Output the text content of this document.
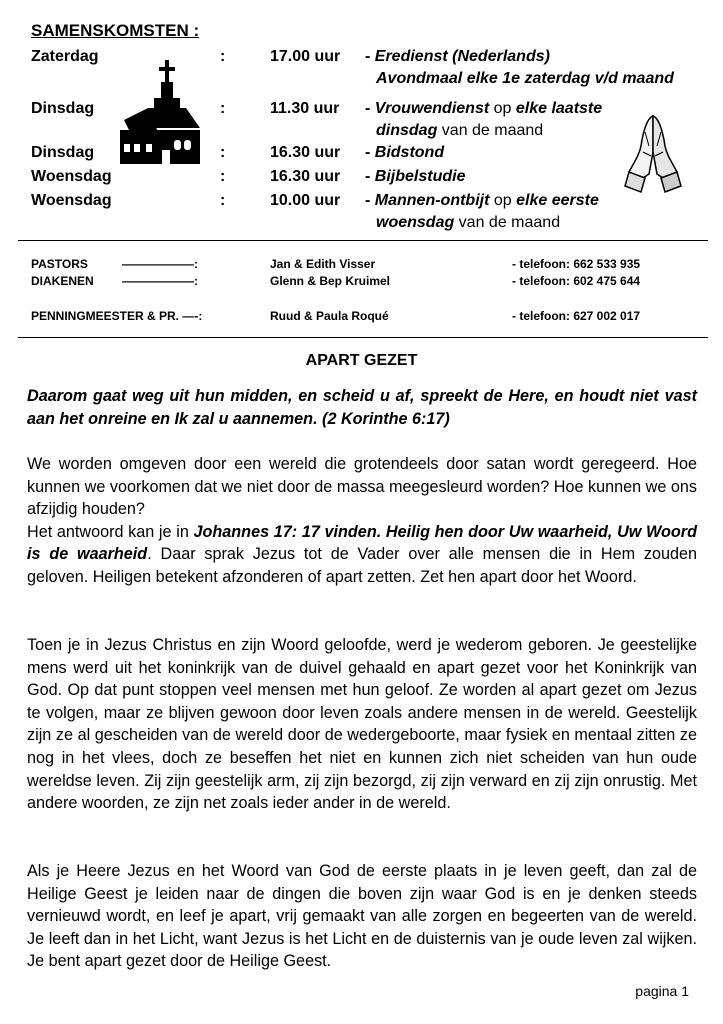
SAMENSKOMSTEN :
Zaterdag	:	17.00 uur - Eredienst (Nederlands)
Avondmaal elke 1e zaterdag v/d maand
Dinsdag	:	11.30 uur - Vrouwendienst op elke laatste
dinsdag van de maand
Dinsdag	:	16.30 uur - Bidstond
Woensdag	:	16.30 uur - Bijbelstudie
Woensdag	:	10.00 uur - Mannen-ontbijt op elke eerste
woensdag van de maand
PASTORS	——————:	Jan & Edith Visser	- telefoon: 662 533 935
DIAKENEN ——————:	Glenn & Bep Kruimel	- telefoon: 602 475 644
PENNINGMEESTER & PR. —-:	Ruud & Paula Roqué	- telefoon: 627 002 017
APART GEZET
Daarom gaat weg uit hun midden, en scheid u af, spreekt de Here, en houdt niet vast aan het onreine en Ik zal u aannemen. (2 Korinthe 6:17)

We worden omgeven door een wereld die grotendeels door satan wordt geregeerd. Hoe kunnen we voorkomen dat we niet door de massa meegesleurd worden? Hoe kunnen we ons afzijdig houden?

Het antwoord kan je in Johannes 17: 17 vinden. Heilig hen door Uw waarheid, Uw Woord is de waarheid. Daar sprak Jezus tot de Vader over alle mensen die in Hem zouden geloven. Heiligen betekent afzonderen of apart zetten. Zet hen apart door het Woord.

Toen je in Jezus Christus en zijn Woord geloofde, werd je wederom geboren. Je geestelijke mens werd uit het koninkrijk van de duivel gehaald en apart gezet voor het Koninkrijk van God. Op dat punt stoppen veel mensen met hun geloof. Ze worden al apart gezet om Jezus te volgen, maar ze blijven gewoon door leven zoals andere mensen in de wereld. Geestelijk zijn ze al gescheiden van de wereld door de wedergeboorte, maar fysiek en mentaal zitten ze nog in het vlees, doch ze beseffen het niet en kunnen zich niet scheiden van hun oude wereldse leven. Zij zijn geestelijk arm, zij zijn bezorgd, zij zijn verward en zij zijn onrustig. Met andere woorden, ze zijn net zoals ieder ander in de wereld.
Als je Heere Jezus en het Woord van God de eerste plaats in je leven geeft, dan zal de Heilige Geest je leiden naar de dingen die boven zijn waar God is en je denken steeds vernieuwd wordt, en leef je apart, vrij gemaakt van alle zorgen en begeerten van de wereld. Je leeft dan in het Licht, want Jezus is het Licht en de duisternis van je oude leven zal wijken. Je bent apart gezet door de Heilige Geest.
pagina 1
